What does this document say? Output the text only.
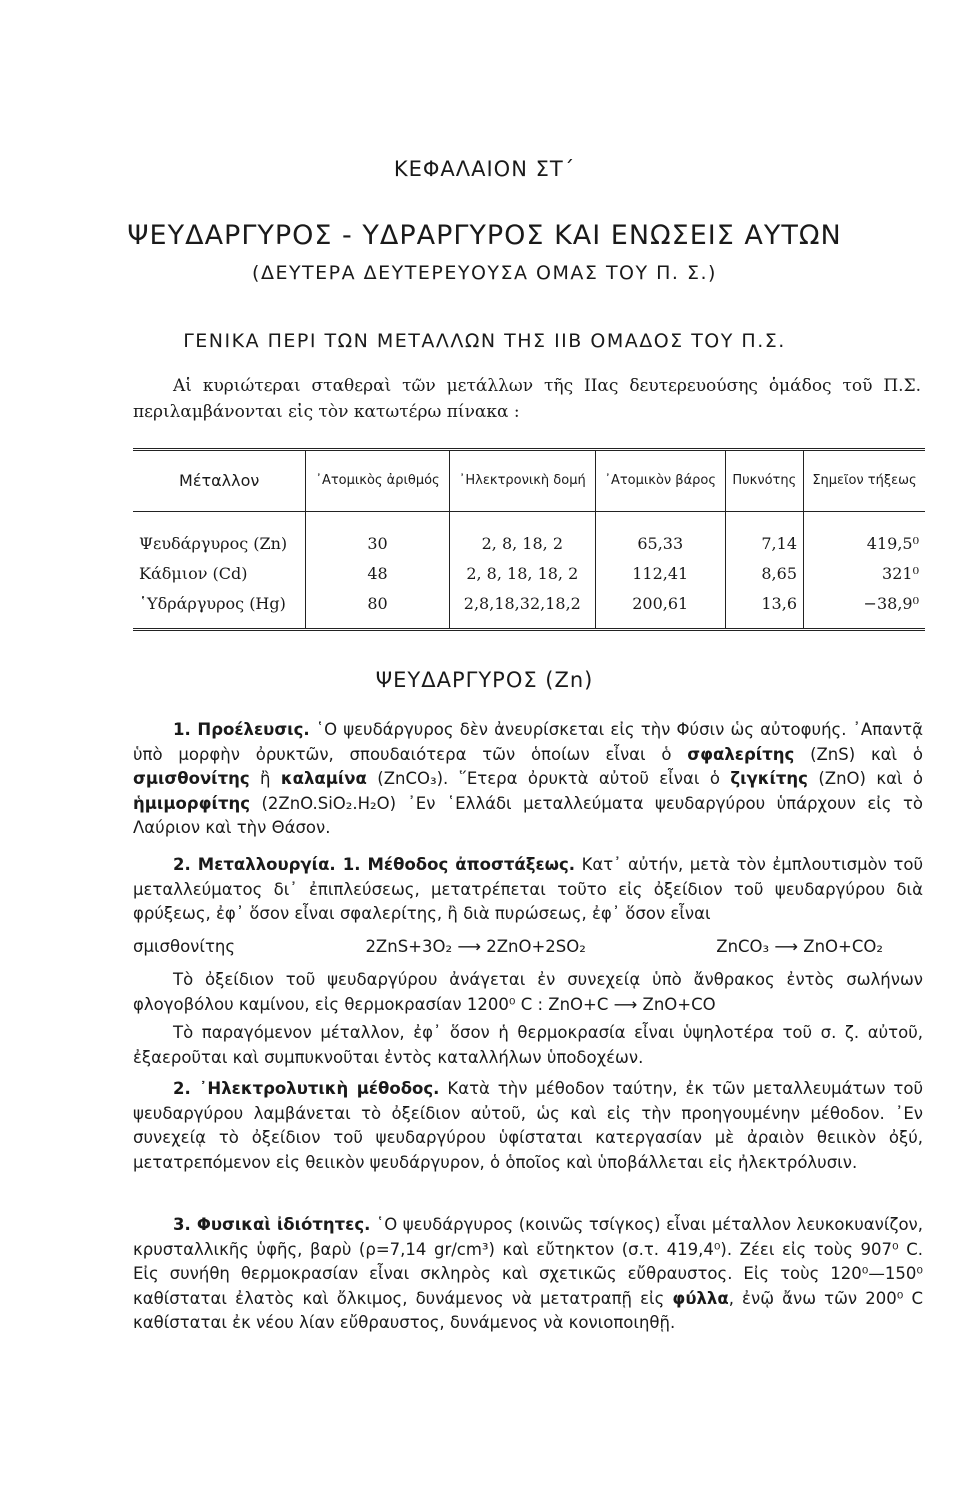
ΚΕΦΑΛΑΙΟΝ ΣΤ΄
ΨΕΥΔΑΡΓΥΡΟΣ - ΥΔΡΑΡΓΥΡΟΣ ΚΑΙ ΕΝΩΣΕΙΣ ΑΥΤΩΝ
(ΔΕΥΤΕΡΑ ΔΕΥΤΕΡΕΥΟΥΣΑ ΟΜΑΣ ΤΟΥ Π. Σ.)
ΓΕΝΙΚΑ ΠΕΡΙ ΤΩΝ ΜΕΤΑΛΛΩΝ ΤΗΣ IIΒ ΟΜΑΔΟΣ ΤΟΥ Π.Σ.
Αἱ κυριώτεραι σταθεραὶ τῶν μετάλλων τῆς IIας δευτερευούσης ὁμάδος τοῦ Π.Σ. περιλαμβάνονται εἰς τὸν κατωτέρω πίνακα :
Μέταλλον	᾿Ατομικὸς ἀριθμός	᾿Ηλεκτρονικὴ δομή	᾿Ατομικὸν βάρος	Πυκνότης	Σημεῖον τήξεως
Ψευδάργυρος (Zn)	30	2, 8, 18, 2	65,33	7,14	419,5⁰
Κάδμιον (Cd)	48	2, 8, 18, 18, 2	112,41	8,65	321⁰
῾Υδράργυρος (Hg)	80	2,8,18,32,18,2	200,61	13,6	−38,9⁰
ΨΕΥΔΑΡΓΥΡΟΣ (Zn)
1. Προέλευσις. ῾Ο ψευδάργυρος δὲν ἀνευρίσκεται εἰς τὴν Φύσιν ὡς αὐτοφυής. ᾿Απαντᾷ ὑπὸ μορφὴν ὀρυκτῶν, σπουδαιότερα τῶν ὁποίων εἶναι ὁ σφαλερίτης (ZnS) καὶ ὁ σμισθονίτης ἢ καλαμίνα (ZnCO₃). ῞Ετερα ὀρυκτὰ αὐτοῦ εἶναι ὁ ζιγκίτης (ZnO) καὶ ὁ ἡμιμορφίτης (2ZnO.SiO₂.H₂O) ᾿Εν ῾Ελλάδι μεταλλεύματα ψευδαργύρου ὑπάρχουν εἰς τὸ Λαύριον καὶ τὴν Θάσον.
2. Μεταλλουργία. 1. Μέθοδος ἀποστάξεως. Κατ᾿ αὐτήν, μετὰ τὸν ἐμπλουτισμὸν τοῦ μεταλλεύματος δι᾿ ἐπιπλεύσεως, μετατρέπεται τοῦτο εἰς ὀξείδιον τοῦ ψευδαργύρου διὰ φρύξεως, ἐφ᾿ ὅσον εἶναι σφαλερίτης, ἢ διὰ πυρώσεως, ἐφ᾿ ὅσον εἶναι
σμισθονίτης	2ZnS+3O₂ ⟶ 2ZnO+2SO₂	ZnCO₃ ⟶ ZnO+CO₂
Τὸ ὀξείδιον τοῦ ψευδαργύρου ἀνάγεται ἐν συνεχείᾳ ὑπὸ ἄνθρακος ἐντὸς σωλήνων φλογοβόλου καμίνου, εἰς θερμοκρασίαν 1200⁰ C : ZnO+C ⟶ ZnO+CO
Τὸ παραγόμενον μέταλλον, ἐφ᾿ ὅσον ἡ θερμοκρασία εἶναι ὑψηλοτέρα τοῦ σ. ζ. αὐτοῦ, ἐξαεροῦται καὶ συμπυκνοῦται ἐντὸς καταλλήλων ὑποδοχέων.
2. ᾿Ηλεκτρολυτικὴ μέθοδος. Κατὰ τὴν μέθοδον ταύτην, ἐκ τῶν μεταλλευμάτων τοῦ ψευδαργύρου λαμβάνεται τὸ ὀξείδιον αὐτοῦ, ὡς καὶ εἰς τὴν προηγουμένην μέθοδον. ᾿Εν συνεχείᾳ τὸ ὀξείδιον τοῦ ψευδαργύρου ὑφίσταται κατεργασίαν μὲ ἀραιὸν θειικὸν ὀξύ, μετατρεπόμενον εἰς θειικὸν ψευδάργυρον, ὁ ὁποῖος καὶ ὑποβάλλεται εἰς ἠλεκτρόλυσιν.
3. Φυσικαὶ ἰδιότητες. ῾Ο ψευδάργυρος (κοινῶς τσίγκος) εἶναι μέταλλον λευκοκυανίζον, κρυσταλλικῆς ὑφῆς, βαρὺ (ρ=7,14 gr/cm³) καὶ εὔτηκτον (σ.τ. 419,4⁰). Ζέει εἰς τοὺς 907⁰ C. Εἰς συνήθη θερμοκρασίαν εἶναι σκληρὸς καὶ σχετικῶς εὔθραυστος. Εἰς τοὺς 120⁰—150⁰ καθίσταται ἐλατὸς καὶ ὄλκιμος, δυνάμενος νὰ μετατραπῇ εἰς φύλλα, ἐνῷ ἄνω τῶν 200⁰ C καθίσταται ἐκ νέου λίαν εὔθραυστος, δυνάμενος νὰ κονιοποιηθῇ.
